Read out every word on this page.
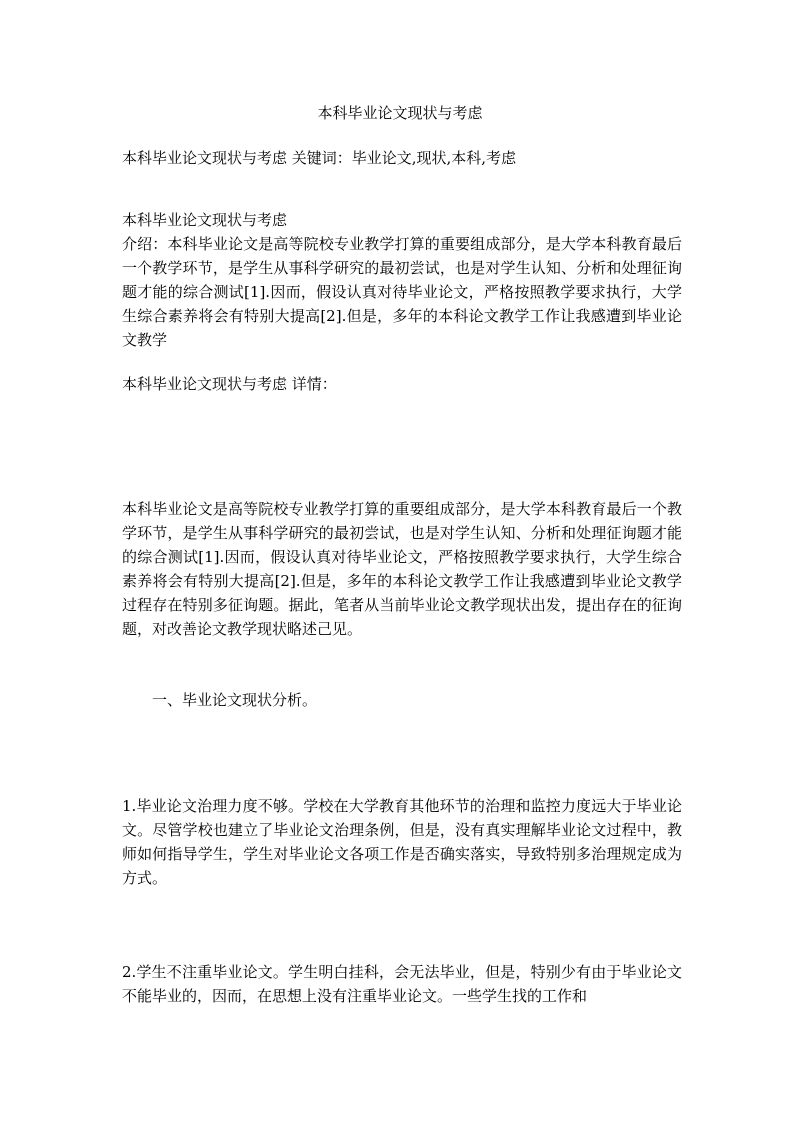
本科毕业论文现状与考虑

本科毕业论文现状与考虑 关键词：毕业论文,现状,本科,考虑

本科毕业论文现状与考虑

介绍：本科毕业论文是高等院校专业教学打算的重要组成部分，是大学本科教育最后一个教学环节，是学生从事科学研究的最初尝试，也是对学生认知、分析和处理征询题才能的综合测试[1].因而，假设认真对待毕业论文，严格按照教学要求执行，大学生综合素养将会有特别大提高[2].但是，多年的本科论文教学工作让我感遭到毕业论文教学

本科毕业论文现状与考虑 详情：

本科毕业论文是高等院校专业教学打算的重要组成部分，是大学本科教育最后一个教学环节，是学生从事科学研究的最初尝试，也是对学生认知、分析和处理征询题才能的综合测试[1].因而，假设认真对待毕业论文，严格按照教学要求执行，大学生综合素养将会有特别大提高[2].但是，多年的本科论文教学工作让我感遭到毕业论文教学过程存在特别多征询题。据此，笔者从当前毕业论文教学现状出发，提出存在的征询题，对改善论文教学现状略述己见。

一、毕业论文现状分析。

1.毕业论文治理力度不够。学校在大学教育其他环节的治理和监控力度远大于毕业论文。尽管学校也建立了毕业论文治理条例，但是，没有真实理解毕业论文过程中，教师如何指导学生，学生对毕业论文各项工作是否确实落实，导致特别多治理规定成为方式。

2.学生不注重毕业论文。学生明白挂科，会无法毕业，但是，特别少有由于毕业论文不能毕业的，因而，在思想上没有注重毕业论文。一些学生找的工作和
